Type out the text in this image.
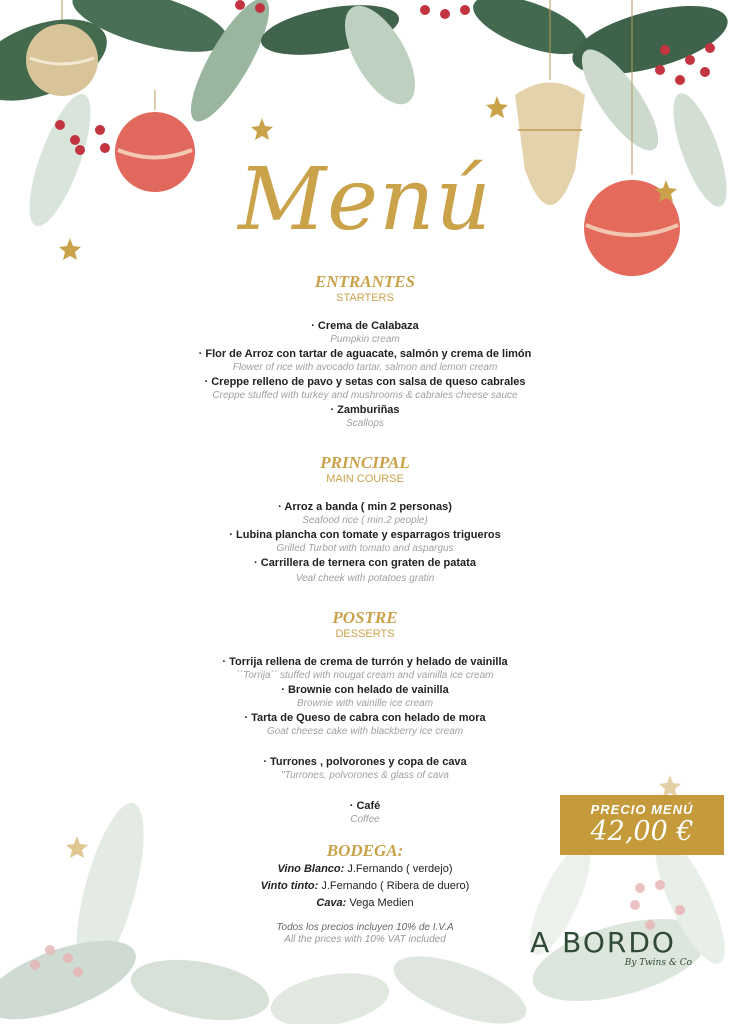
Menú
ENTRANTES
STARTERS
· Crema de Calabaza
Pumpkin cream
· Flor de Arroz con tartar de aguacate, salmón y crema de limón
Flower of rice with avocado tartar, salmon and lemon cream
· Creppe relleno de pavo y setas con salsa de queso cabrales
Creppe stuffed with turkey and mushrooms & cabrales cheese sauce
· Zamburiñas
Scallops
PRINCIPAL
MAIN COURSE
· Arroz a banda ( min 2 personas)
Seafood rice ( min.2 people)
· Lubina plancha con tomate y esparragos trigueros
Grilled Turbot with tomato and aspargus
· Carrillera de ternera con graten de patata
Veal cheek with potatoes gratin
POSTRE
DESSERTS
· Torrija rellena de crema de turrón y helado de vainilla
``Torrija´´ stuffed with nougat cream and vainilla ice cream
· Brownie con helado de vainilla
Brownie with vainille ice cream
· Tarta de Queso de cabra con helado de mora
Goat cheese cake with blackberry ice cream
· Turrones , polvorones y copa de cava
"Turrones, polvorones & glass of cava
· Café
Coffee
BODEGA:
Vino Blanco: J.Fernando ( verdejo)
Vinto tinto: J.Fernando ( Ribera de duero)
Cava: Vega Medien
Todos los precios incluyen 10% de I.V.A
All the prices with 10% VAT included
PRECIO MENÚ
42,00 €
A BORDO
By Twins & Co
